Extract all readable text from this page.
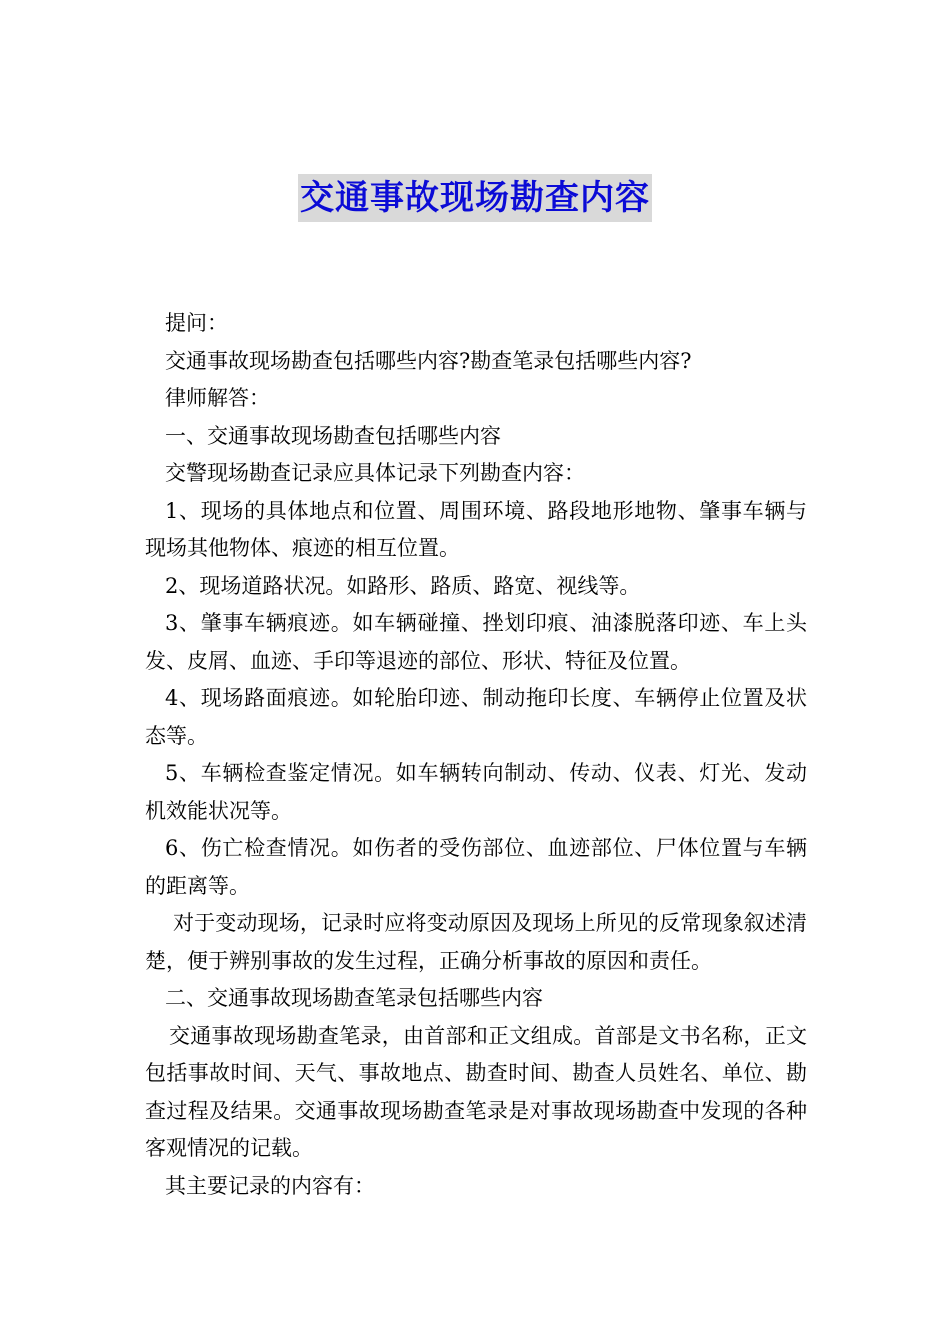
交通事故现场勘查内容

提问：

交通事故现场勘查包括哪些内容?勘查笔录包括哪些内容?

律师解答：

一、交通事故现场勘查包括哪些内容

交警现场勘查记录应具体记录下列勘查内容：

1、现场的具体地点和位置、周围环境、路段地形地物、肇事车辆与现场其他物体、痕迹的相互位置。

2、现场道路状况。如路形、路质、路宽、视线等。

3、肇事车辆痕迹。如车辆碰撞、挫划印痕、油漆脱落印迹、车上头发、皮屑、血迹、手印等退迹的部位、形状、特征及位置。

4、现场路面痕迹。如轮胎印迹、制动拖印长度、车辆停止位置及状态等。

5、车辆检查鉴定情况。如车辆转向制动、传动、仪表、灯光、发动机效能状况等。

6、伤亡检查情况。如伤者的受伤部位、血迹部位、尸体位置与车辆的距离等。

对于变动现场，记录时应将变动原因及现场上所见的反常现象叙述清楚，便于辨别事故的发生过程，正确分析事故的原因和责任。

二、交通事故现场勘查笔录包括哪些内容

交通事故现场勘查笔录，由首部和正文组成。首部是文书名称，正文包括事故时间、天气、事故地点、勘查时间、勘查人员姓名、单位、勘查过程及结果。交通事故现场勘查笔录是对事故现场勘查中发现的各种客观情况的记载。

其主要记录的内容有：
